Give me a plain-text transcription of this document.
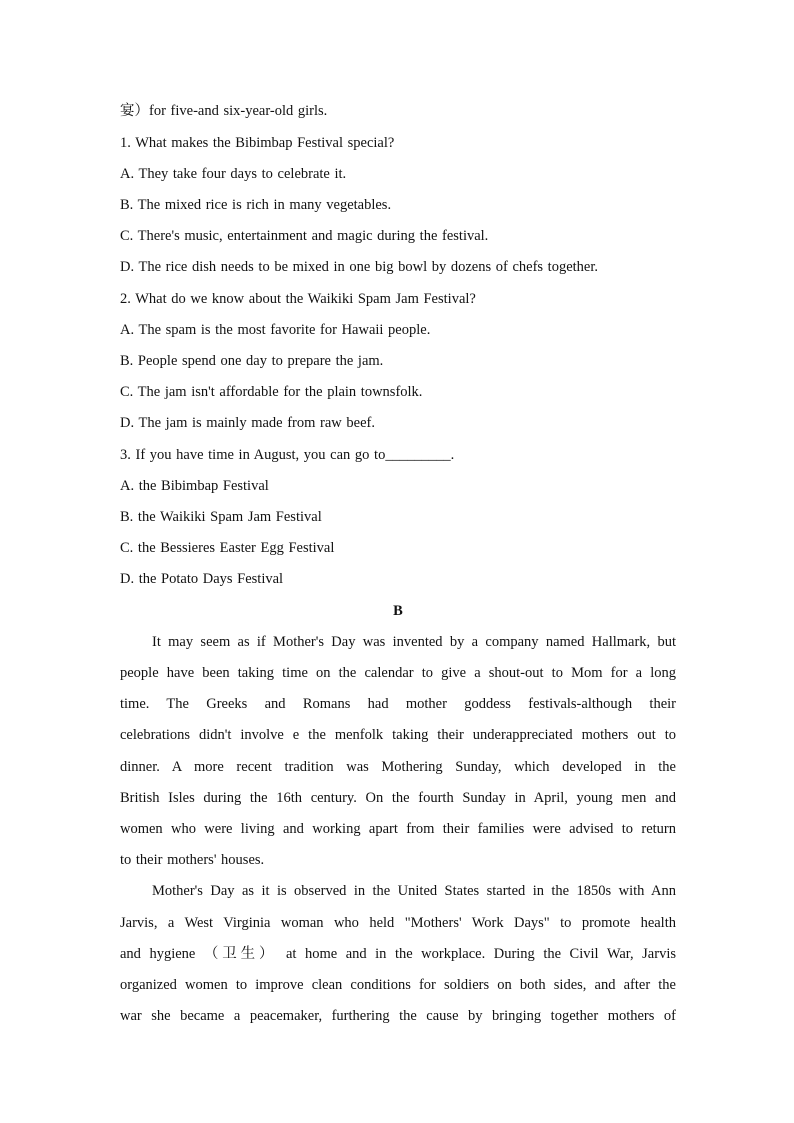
宴）for five-and six-year-old girls.
1. What makes the Bibimbap Festival special?
A. They take four days to celebrate it.
B. The mixed rice is rich in many vegetables.
C. There's music, entertainment and magic during the festival.
D. The rice dish needs to be mixed in one big bowl by dozens of chefs together.
2. What do we know about the Waikiki Spam Jam Festival?
A. The spam is the most favorite for Hawaii people.
B. People spend one day to prepare the jam.
C. The jam isn't affordable for the plain townsfolk.
D. The jam is mainly made from raw beef.
3. If you have time in August, you can go to_________.
A. the Bibimbap Festival
B. the Waikiki Spam Jam Festival
C. the Bessieres Easter Egg Festival
D. the Potato Days Festival
B
It may seem as if Mother's Day was invented by a company named Hallmark, but
people have been taking time on the calendar to give a shout-out to Mom for a long
time. The Greeks and Romans had mother goddess festivals-although their
celebrations didn't involve e the menfolk taking their underappreciated mothers out to
dinner. A more recent tradition was Mothering Sunday, which developed in the
British Isles during the 16th century. On the fourth Sunday in April, young men and
women who were living and working apart from their families were advised to return
to their mothers' houses.
Mother's Day as it is observed in the United States started in the 1850s with Ann
Jarvis, a West Virginia woman who held "Mothers' Work Days" to promote health
and hygiene （卫生） at home and in the workplace. During the Civil War, Jarvis
organized women to improve clean conditions for soldiers on both sides, and after the
war she became a peacemaker, furthering the cause by bringing together mothers of
